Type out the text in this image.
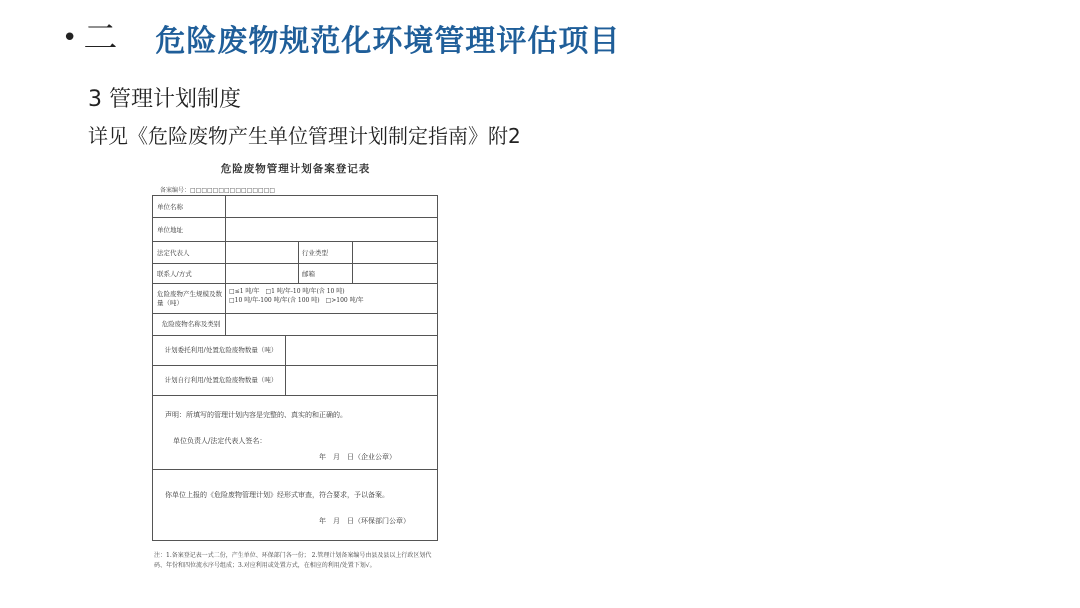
• 二 危险废物规范化环境管理评估项目
3 管理计划制度
详见《危险废物产生单位管理计划制定指南》附2
危险废物管理计划备案登记表
备案编号：□□□□□□□□□□□□□□□
单位名称
单位地址
法定代表人	行业类型
联系人/方式	邮箱
危险废物产生规模及数量（吨）
□≤1 吨/年　□1 吨/年-10 吨/年(含 10 吨)
□10 吨/年-100 吨/年(含 100 吨)　□>100 吨/年
危险废物名称及类别
计划委托利用/处置危险废物数量（吨）
计划自行利用/处置危险废物数量（吨）
声明：所填写的管理计划内容是完整的、真实的和正确的。
单位负责人/法定代表人签名：
年　月　日（企业公章）
你单位上报的《危险废物管理计划》经形式审查，符合要求，予以备案。
年　月　日（环保部门公章）
注：1.备案登记表一式二份，产生单位、环保部门各一份； 2.管理计划备案编号由县及县以上行政区划代码、年份和四位流水序号组成；3.对应利用或处置方式，在相应的利用/处置下划√。
